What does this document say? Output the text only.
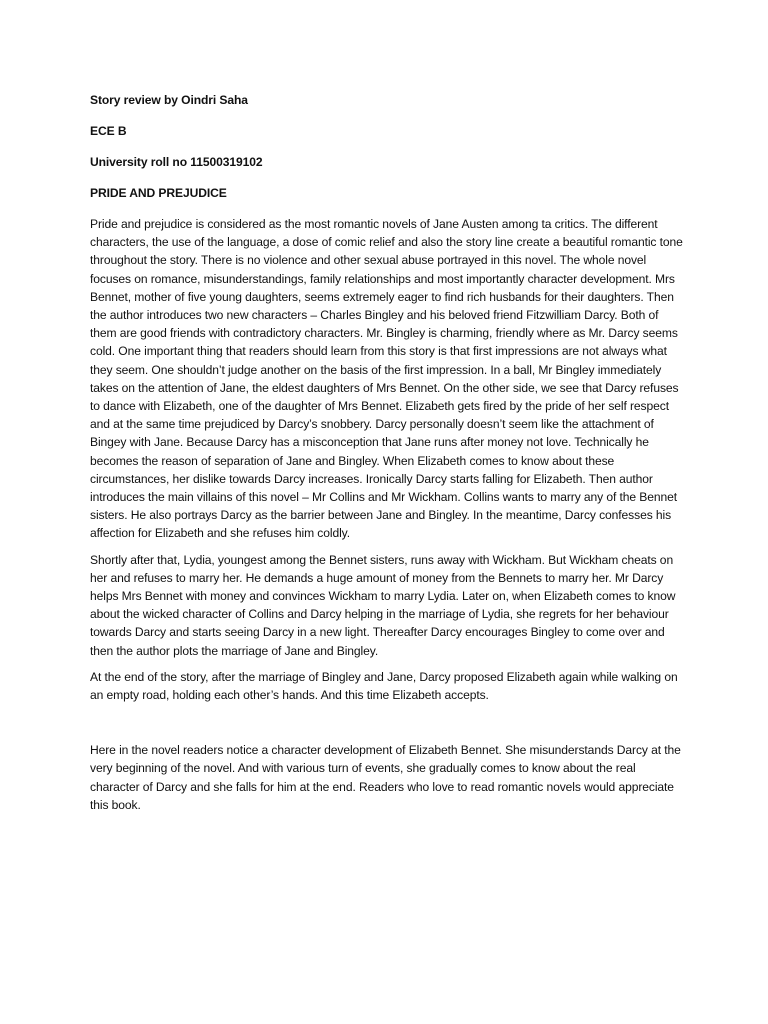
Story review by Oindri Saha
ECE B
University roll no 11500319102
PRIDE AND PREJUDICE

Pride and prejudice is considered as the most romantic novels of Jane Austen among ta critics. The different characters, the use of the language, a dose of comic relief and also the story line create a beautiful romantic tone throughout the story. There is no violence and other sexual abuse portrayed in this novel. The whole novel focuses on romance, misunderstandings, family relationships and most importantly character development. Mrs Bennet, mother of five young daughters, seems extremely eager to find rich husbands for their daughters. Then the author introduces two new characters – Charles Bingley and his beloved friend Fitzwilliam Darcy. Both of them are good friends with contradictory characters. Mr. Bingley is charming, friendly where as Mr. Darcy seems cold. One important thing that readers should learn from this story is that first impressions are not always what they seem. One shouldn’t judge another on the basis of the first impression. In a ball, Mr Bingley immediately takes on the attention of Jane, the eldest daughters of Mrs Bennet. On the other side, we see that Darcy refuses to dance with Elizabeth, one of the daughter of Mrs Bennet. Elizabeth gets fired by the pride of her self respect and at the same time prejudiced by Darcy’s snobbery. Darcy personally doesn’t seem like the attachment of Bingey with Jane. Because Darcy has a misconception that Jane runs after money not love. Technically he becomes the reason of separation of Jane and Bingley. When Elizabeth comes to know about these circumstances, her dislike towards Darcy increases. Ironically Darcy starts falling for Elizabeth. Then author introduces the main villains of this novel – Mr Collins and Mr Wickham. Collins wants to marry any of the Bennet sisters. He also portrays Darcy as the barrier between Jane and Bingley. In the meantime, Darcy confesses his affection for Elizabeth and she refuses him coldly.

Shortly after that, Lydia, youngest among the Bennet sisters, runs away with Wickham. But Wickham cheats on her and refuses to marry her. He demands a huge amount of money from the Bennets to marry her. Mr Darcy helps Mrs Bennet with money and convinces Wickham to marry Lydia. Later on, when Elizabeth comes to know about the wicked character of Collins and Darcy helping in the marriage of Lydia, she regrets for her behaviour towards Darcy and starts seeing Darcy in a new light. Thereafter Darcy encourages Bingley to come over and then the author plots the marriage of Jane and Bingley.

At the end of the story, after the marriage of Bingley and Jane, Darcy proposed Elizabeth again while walking on an empty road, holding each other’s hands. And this time Elizabeth accepts.

Here in the novel readers notice a character development of Elizabeth Bennet. She misunderstands Darcy at the very beginning of the novel. And with various turn of events, she gradually comes to know about the real character of Darcy and she falls for him at the end. Readers who love to read romantic novels would appreciate this book.
